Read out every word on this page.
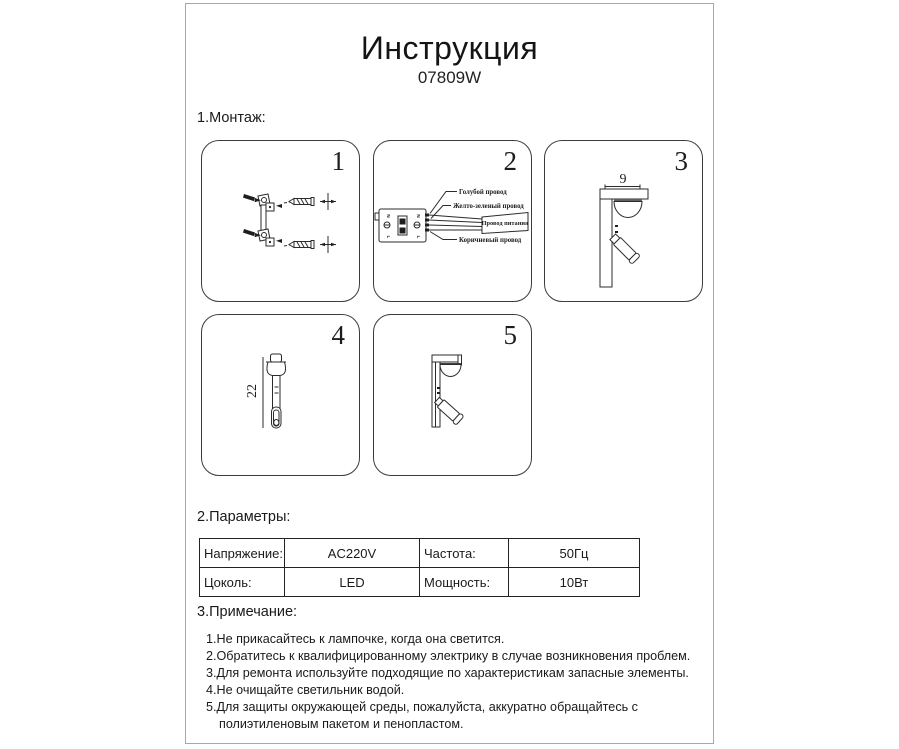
Инструкция
07809W
1.Монтаж:
1	2
N
L
N
L
Провод питания
Голубой провод
Желто-зеленый провод
Коричневый провод
3
9
4
22
5
2.Параметры:
Напряжение:	AC220V	Частота:	50Гц
Цоколь:	LED	Мощность:	10Вт
3.Примечание:
1.Не прикасайтесь к лампочке, когда она светится.
2.Обратитесь к квалифицированному электрику в случае возникновения проблем.
3.Для ремонта используйте подходящие по характеристикам запасные элементы.
4.Не очищайте светильник водой.
5.Для защиты окружающей среды, пожалуйста, аккуратно обращайтесь с полиэтиленовым пакетом и пенопластом.
